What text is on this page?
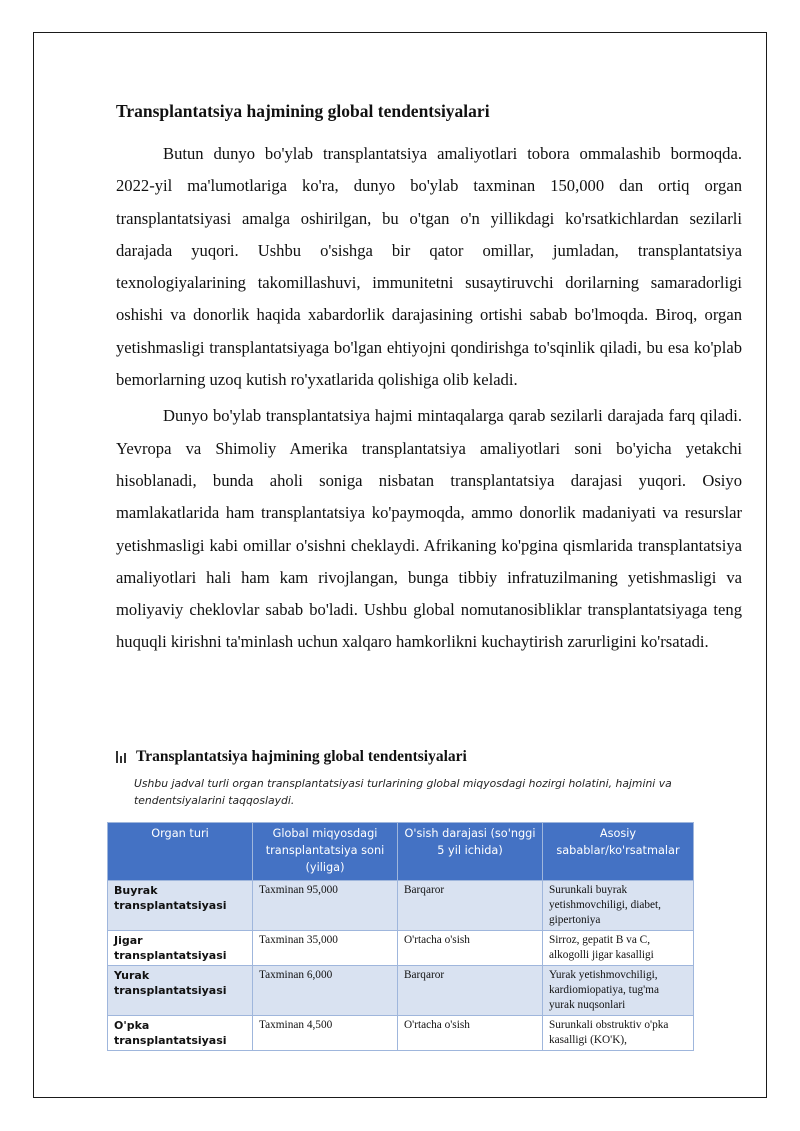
Transplantatsiya hajmining global tendentsiyalari

Butun dunyo bo'ylab transplantatsiya amaliyotlari tobora ommalashib bormoqda. 2022-yil ma'lumotlariga ko'ra, dunyo bo'ylab taxminan 150,000 dan ortiq organ transplantatsiyasi amalga oshirilgan, bu o'tgan o'n yillikdagi ko'rsatkichlardan sezilarli darajada yuqori. Ushbu o'sishga bir qator omillar, jumladan, transplantatsiya texnologiyalarining takomillashuvi, immunitetni susaytiruvchi dorilarning samaradorligi oshishi va donorlik haqida xabardorlik darajasining ortishi sabab bo'lmoqda. Biroq, organ yetishmasligi transplantatsiyaga bo'lgan ehtiyojni qondirishga to'sqinlik qiladi, bu esa ko'plab bemorlarning uzoq kutish ro'yxatlarida qolishiga olib keladi.

Dunyo bo'ylab transplantatsiya hajmi mintaqalarga qarab sezilarli darajada farq qiladi. Yevropa va Shimoliy Amerika transplantatsiya amaliyotlari soni bo'yicha yetakchi hisoblanadi, bunda aholi soniga nisbatan transplantatsiya darajasi yuqori. Osiyo mamlakatlarida ham transplantatsiya ko'paymoqda, ammo donorlik madaniyati va resurslar yetishmasligi kabi omillar o'sishni cheklaydi. Afrikaning ko'pgina qismlarida transplantatsiya amaliyotlari hali ham kam rivojlangan, bunga tibbiy infratuzilmaning yetishmasligi va moliyaviy cheklovlar sabab bo'ladi. Ushbu global nomutanosibliklar transplantatsiyaga teng huquqli kirishni ta'minlash uchun xalqaro hamkorlikni kuchaytirish zarurligini ko'rsatadi.

Transplantatsiya hajmining global tendentsiyalari
Ushbu jadval turli organ transplantatsiyasi turlarining global miqyosdagi hozirgi holatini, hajmini va tendentsiyalarini taqqoslaydi.
Organ turi	Global miqyosdagi transplantatsiya soni (yiliga)	O'sish darajasi (so'nggi 5 yil ichida)	Asosiy sabablar/ko'rsatmalar
Buyrak transplantatsiyasi	Taxminan 95,000	Barqaror	Surunkali buyrak yetishmovchiligi, diabet, gipertoniya
Jigar transplantatsiyasi	Taxminan 35,000	O'rtacha o'sish	Sirroz, gepatit B va C, alkogolli jigar kasalligi
Yurak transplantatsiyasi	Taxminan 6,000	Barqaror	Yurak yetishmovchiligi, kardiomiopatiya, tug'ma yurak nuqsonlari
O'pka transplantatsiyasi	Taxminan 4,500	O'rtacha o'sish	Surunkali obstruktiv o'pka kasalligi (KO'K),
